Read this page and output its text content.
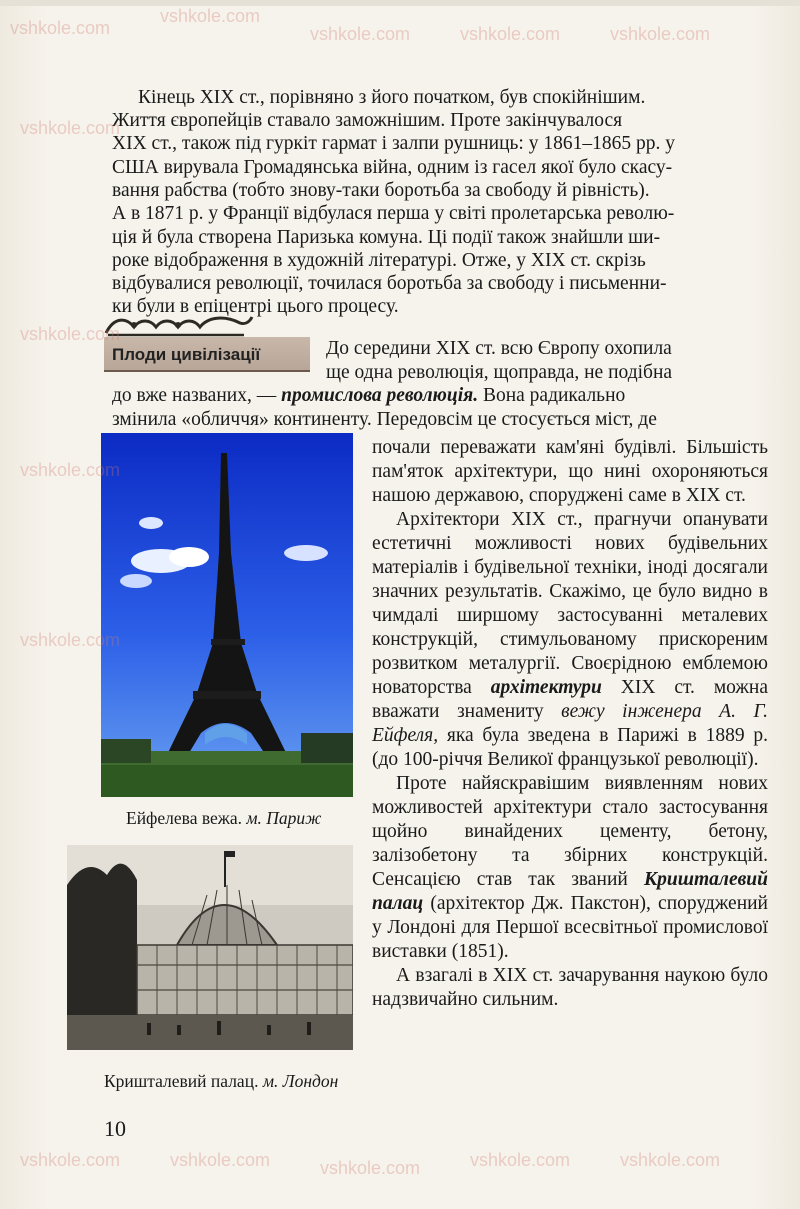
Кінець XIX ст., порівняно з його початком, був спокійнішим.
Життя європейців ставало заможнішим. Проте закінчувалося
XIX ст., також під гуркіт гармат і залпи рушниць: у 1861–1865 рр. у
США вирувала Громадянська війна, одним із гасел якої було скасу-
вання рабства (тобто знову-таки боротьба за свободу й рівність).
А в 1871 р. у Франції відбулася перша у світі пролетарська револю-
ція й була створена Паризька комуна. Ці події також знайшли ши-
роке відображення в художній літературі. Отже, у XIX ст. скрізь
відбувалися революції, точилася боротьба за свободу і письменни-
ки були в епіцентрі цього процесу.
Плоди цивілізації	До середини XIX ст. всю Європу охопила
ще одна революція, щоправда, не подібна
до вже названих, — промислова революція. Вона радикально
змінила «обличчя» континенту. Передовсім це стосується міст, де
Ейфелева вежа. м. Париж
Кришталевий палац. м. Лондон

почали переважати кам'яні будівлі. Більшість пам'яток архітектури, що нині охороняються нашою державою, споруджені саме в XIX ст.

Архітектори XIX ст., прагнучи опанувати естетичні можливості нових будівельних матеріалів і будівельної техніки, іноді досягали значних результатів. Скажімо, це було видно в чимдалі ширшому застосуванні металевих конструкцій, стимульованому прискореним розвитком металургії. Своєрідною емблемою новаторства архітектури XIX ст. можна вважати знамениту вежу інженера А. Г. Ейфеля, яка була зведена в Парижі в 1889 р. (до 100-річчя Великої французької революції).

Проте найяскравішим виявленням нових можливостей архітектури стало застосування щойно винайдених цементу, бетону, залізобетону та збірних конструкцій. Сенсацією став так званий Кришталевий палац (архітектор Дж. Пакстон), споруджений у Лондоні для Першої всесвітньої промислової виставки (1851).

А взагалі в XIX ст. зачарування наукою було надзвичайно сильним.

10
vshkole.com
vshkole.com
vshkole.com	vshkole.com	vshkole.com
vshkole.com
vshkole.com
vshkole.com
vshkole.com
vshkole.com	vshkole.com	vshkole.com	vshkole.com	vshkole.com
